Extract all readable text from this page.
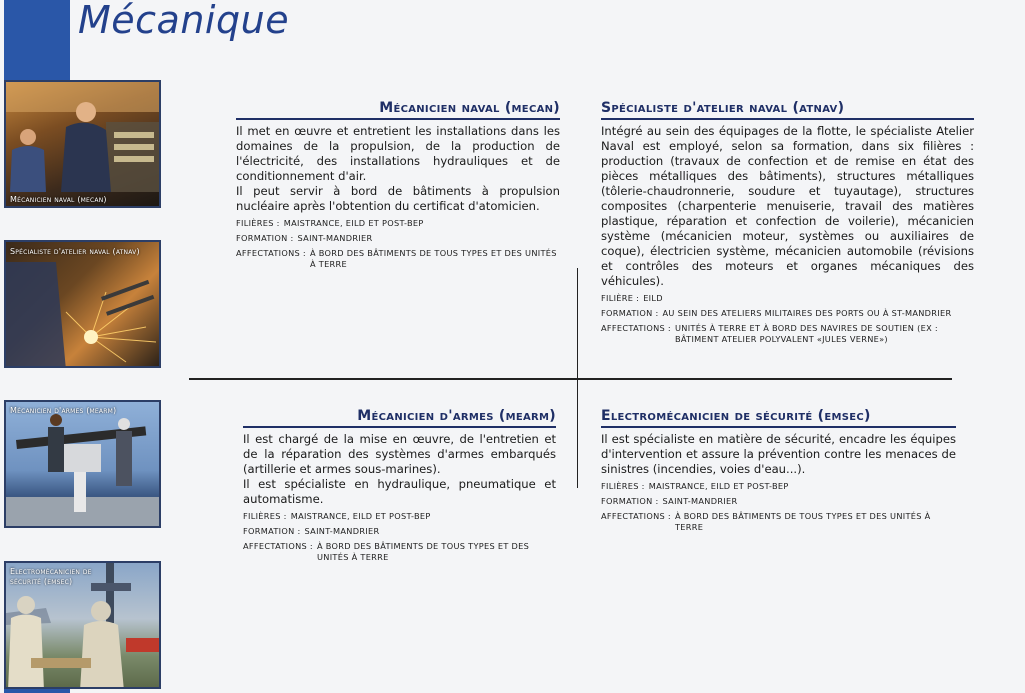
Mécanique
Mécanicien naval (mecan)
Spécialiste d'atelier naval (atnav)
Mécanicien d'armes (mearm)
Electromécanicien de
sécurité (emsec)
Mécanicien naval (mecan)

Il met en œuvre et entretient les installations dans les domaines de la propulsion, de la production de l'électricité, des installations hydrauliques et de conditionnement d'air.

Il peut servir à bord de bâtiments à propulsion nucléaire après l'obtention du certificat d'atomicien.

FILIÈRES : MAISTRANCE, EILD ET POST-BEP
FORMATION : SAINT-MANDRIER
AFFECTATIONS : À BORD DES BÂTIMENTS DE TOUS TYPES ET DES UNITÉS À TERRE
Spécialiste d'atelier naval (atnav)

Intégré au sein des équipages de la flotte, le spécialiste Atelier Naval est employé, selon sa formation, dans six filières : production (travaux de confection et de remise en état des pièces métalliques des bâtiments), structures métalliques (tôlerie-chaudronnerie, soudure et tuyautage), structures composites (charpenterie menuiserie, travail des matières plastique, réparation et confection de voilerie), mécanicien système (mécanicien moteur, systèmes ou auxiliaires de coque), électricien système, mécanicien automobile (révisions et contrôles des moteurs et organes mécaniques des véhicules).

FILIÈRE : EILD
FORMATION : AU SEIN DES ATELIERS MILITAIRES DES PORTS OU À ST-MANDRIER
AFFECTATIONS : UNITÉS À TERRE ET À BORD DES NAVIRES DE SOUTIEN (EX : BÂTIMENT ATELIER POLYVALENT «JULES VERNE»)
Mécanicien d'armes (mearm)

Il est chargé de la mise en œuvre, de l'entretien et de la réparation des systèmes d'armes embarqués (artillerie et armes sous-marines).

Il est spécialiste en hydraulique, pneumatique et automatisme.

FILIÈRES : MAISTRANCE, EILD ET POST-BEP
FORMATION : SAINT-MANDRIER
AFFECTATIONS : À BORD DES BÂTIMENTS DE TOUS TYPES ET DES UNITÉS À TERRE
Electromécanicien de sécurité (emsec)

Il est spécialiste en matière de sécurité, encadre les équipes d'intervention et assure la prévention contre les menaces de sinistres (incendies, voies d'eau...).

FILIÈRES : MAISTRANCE, EILD ET POST-BEP
FORMATION : SAINT-MANDRIER
AFFECTATIONS : À BORD DES BÂTIMENTS DE TOUS TYPES ET DES UNITÉS À TERRE
